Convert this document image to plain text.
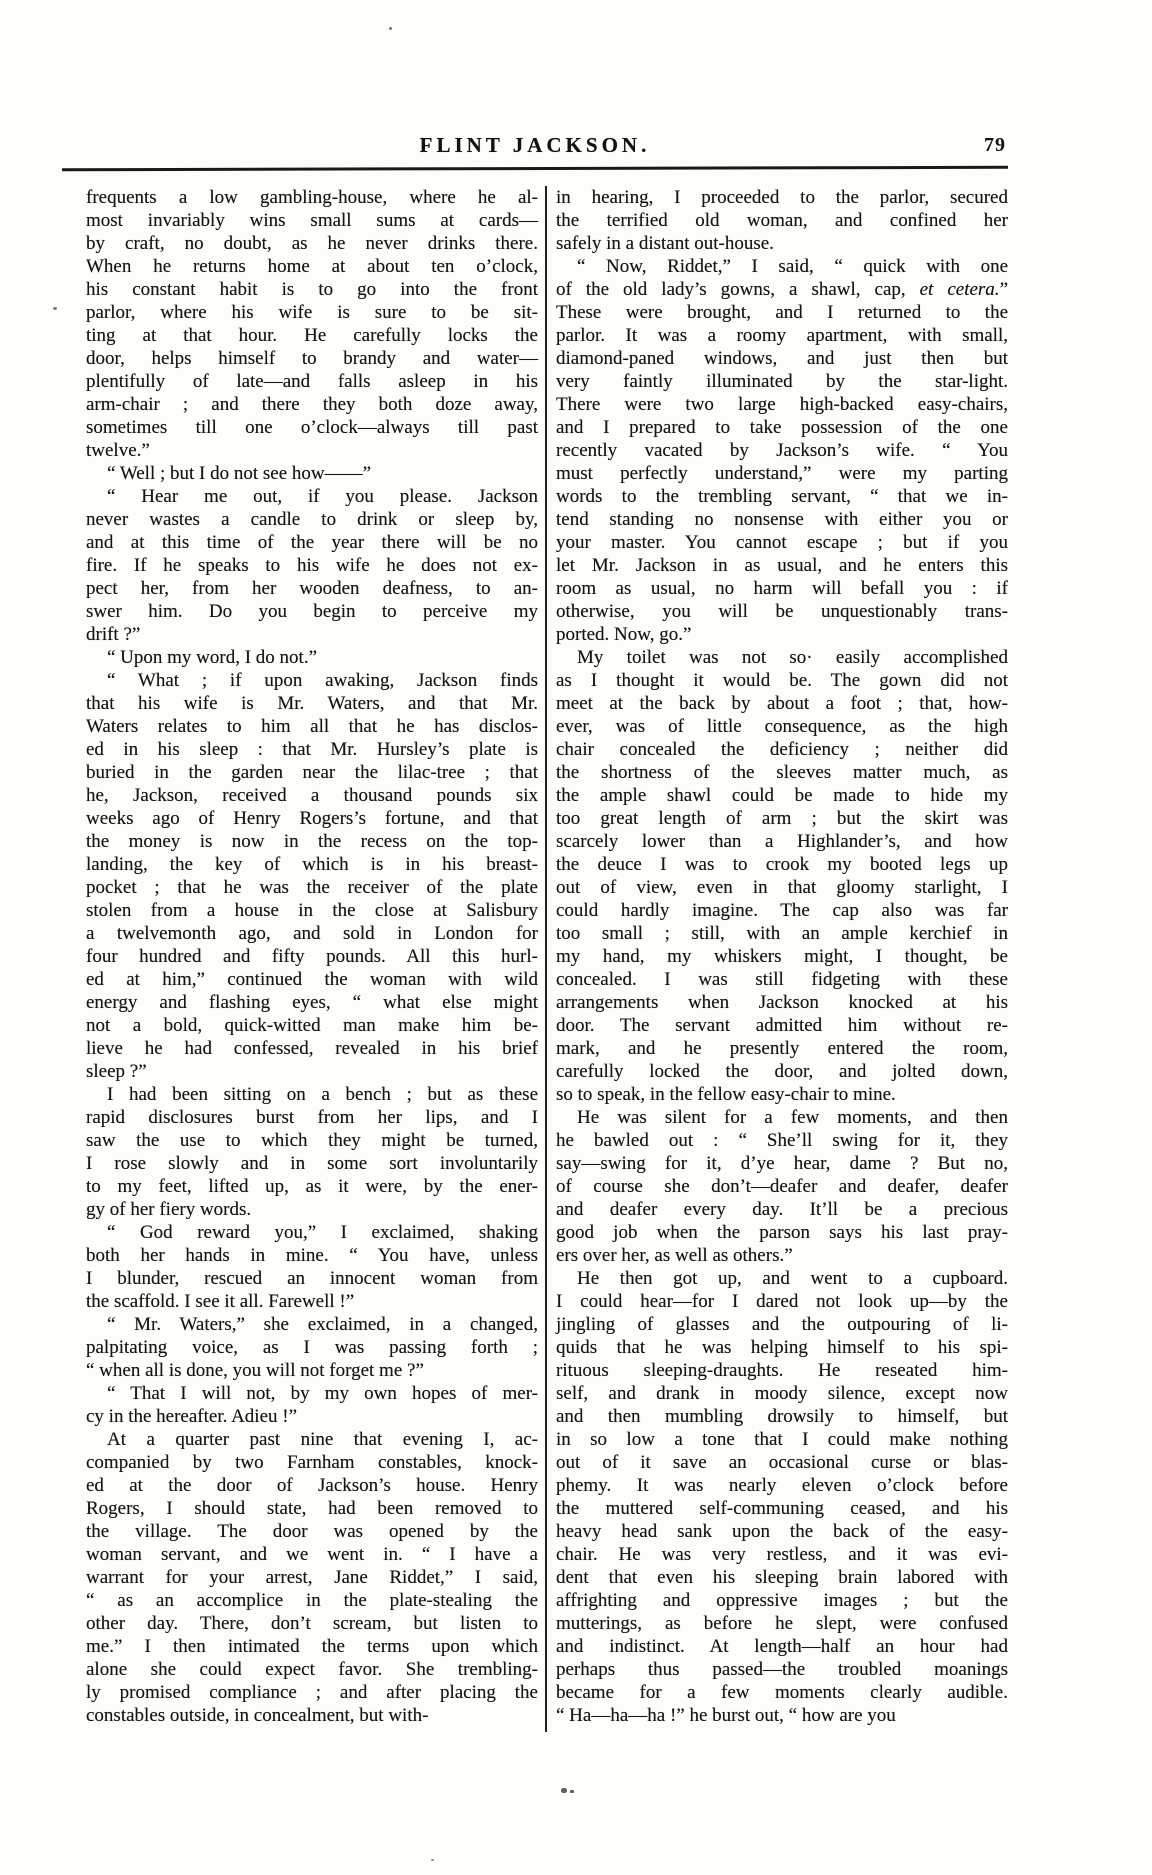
FLINT JACKSON.	79
frequents a low gambling-house, where he al-
most invariably wins small sums at cards—
by craft, no doubt, as he never drinks there.
When he returns home at about ten o’clock,
his constant habit is to go into the front
parlor, where his wife is sure to be sit-
ting at that hour. He carefully locks the
door, helps himself to brandy and water—
plentifully of late—and falls asleep in his
arm-chair ; and there they both doze away,
sometimes till one o’clock—always till past
twelve.”
“ Well ; but I do not see how——”
“ Hear me out, if you please. Jackson
never wastes a candle to drink or sleep by,
and at this time of the year there will be no
fire. If he speaks to his wife he does not ex-
pect her, from her wooden deafness, to an-
swer him. Do you begin to perceive my
drift ?”
“ Upon my word, I do not.”
“ What ; if upon awaking, Jackson finds
that his wife is Mr. Waters, and that Mr.
Waters relates to him all that he has disclos-
ed in his sleep : that Mr. Hursley’s plate is
buried in the garden near the lilac-tree ; that
he, Jackson, received a thousand pounds six
weeks ago of Henry Rogers’s fortune, and that
the money is now in the recess on the top-
landing, the key of which is in his breast-
pocket ; that he was the receiver of the plate
stolen from a house in the close at Salisbury
a twelvemonth ago, and sold in London for
four hundred and fifty pounds. All this hurl-
ed at him,” continued the woman with wild
energy and flashing eyes, “ what else might
not a bold, quick-witted man make him be-
lieve he had confessed, revealed in his brief
sleep ?”
I had been sitting on a bench ; but as these
rapid disclosures burst from her lips, and I
saw the use to which they might be turned,
I rose slowly and in some sort involuntarily
to my feet, lifted up, as it were, by the ener-
gy of her fiery words.
“ God reward you,” I exclaimed, shaking
both her hands in mine. “ You have, unless
I blunder, rescued an innocent woman from
the scaffold. I see it all. Farewell !”
“ Mr. Waters,” she exclaimed, in a changed,
palpitating voice, as I was passing forth ;
“ when all is done, you will not forget me ?”
“ That I will not, by my own hopes of mer-
cy in the hereafter. Adieu !”
At a quarter past nine that evening I, ac-
companied by two Farnham constables, knock-
ed at the door of Jackson’s house. Henry
Rogers, I should state, had been removed to
the village. The door was opened by the
woman servant, and we went in. “ I have a
warrant for your arrest, Jane Riddet,” I said,
“ as an accomplice in the plate-stealing the
other day. There, don’t scream, but listen to
me.” I then intimated the terms upon which
alone she could expect favor. She trembling-
ly promised compliance ; and after placing the
constables outside, in concealment, but with-
in hearing, I proceeded to the parlor, secured
the terrified old woman, and confined her
safely in a distant out-house.
“ Now, Riddet,” I said, “ quick with one
of the old lady’s gowns, a shawl, cap, et cetera.”
These were brought, and I returned to the
parlor. It was a roomy apartment, with small,
diamond-paned windows, and just then but
very faintly illuminated by the star-light.
There were two large high-backed easy-chairs,
and I prepared to take possession of the one
recently vacated by Jackson’s wife. “ You
must perfectly understand,” were my parting
words to the trembling servant, “ that we in-
tend standing no nonsense with either you or
your master. You cannot escape ; but if you
let Mr. Jackson in as usual, and he enters this
room as usual, no harm will befall you : if
otherwise, you will be unquestionably trans-
ported. Now, go.”
My toilet was not so· easily accomplished
as I thought it would be. The gown did not
meet at the back by about a foot ; that, how-
ever, was of little consequence, as the high
chair concealed the deficiency ; neither did
the shortness of the sleeves matter much, as
the ample shawl could be made to hide my
too great length of arm ; but the skirt was
scarcely lower than a Highlander’s, and how
the deuce I was to crook my booted legs up
out of view, even in that gloomy starlight, I
could hardly imagine. The cap also was far
too small ; still, with an ample kerchief in
my hand, my whiskers might, I thought, be
concealed. I was still fidgeting with these
arrangements when Jackson knocked at his
door. The servant admitted him without re-
mark, and he presently entered the room,
carefully locked the door, and jolted down,
so to speak, in the fellow easy-chair to mine.
He was silent for a few moments, and then
he bawled out : “ She’ll swing for it, they
say—swing for it, d’ye hear, dame ? But no,
of course she don’t—deafer and deafer, deafer
and deafer every day. It’ll be a precious
good job when the parson says his last pray-
ers over her, as well as others.”
He then got up, and went to a cupboard.
I could hear—for I dared not look up—by the
jingling of glasses and the outpouring of li-
quids that he was helping himself to his spi-
rituous sleeping-draughts. He reseated him-
self, and drank in moody silence, except now
and then mumbling drowsily to himself, but
in so low a tone that I could make nothing
out of it save an occasional curse or blas-
phemy. It was nearly eleven o’clock before
the muttered self-communing ceased, and his
heavy head sank upon the back of the easy-
chair. He was very restless, and it was evi-
dent that even his sleeping brain labored with
affrighting and oppressive images ; but the
mutterings, as before he slept, were confused
and indistinct. At length—half an hour had
perhaps thus passed—the troubled moanings
became for a few moments clearly audible.
“ Ha—ha—ha !” he burst out, “ how are you
